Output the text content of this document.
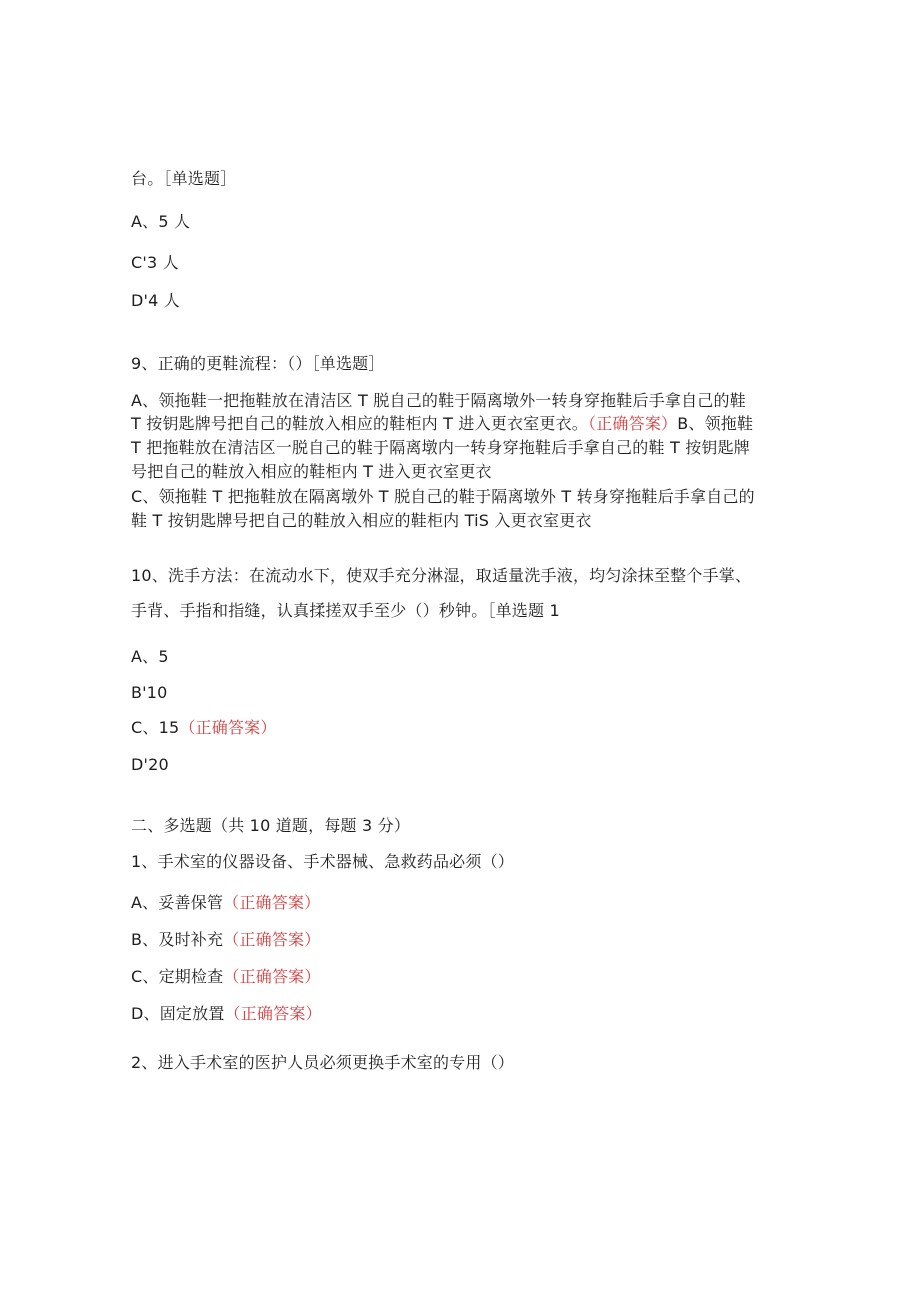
台。［单选题］
A、5 人
C'3 人
D'4 人
9、正确的更鞋流程：（）［单选题］
A、领拖鞋一把拖鞋放在清洁区 T 脱自己的鞋于隔离墩外一转身穿拖鞋后手拿自己的鞋
T 按钥匙牌号把自己的鞋放入相应的鞋柜内 T 进入更衣室更衣。（正确答案）B、领拖鞋
T 把拖鞋放在清洁区一脱自己的鞋于隔离墩内一转身穿拖鞋后手拿自己的鞋 T 按钥匙牌
号把自己的鞋放入相应的鞋柜内 T 进入更衣室更衣
C、领拖鞋 T 把拖鞋放在隔离墩外 T 脱自己的鞋于隔离墩外 T 转身穿拖鞋后手拿自己的
鞋 T 按钥匙牌号把自己的鞋放入相应的鞋柜内 TiS 入更衣室更衣
10、洗手方法：在流动水下，使双手充分淋湿，取适量洗手液，均匀涂抹至整个手掌、
手背、手指和指缝，认真揉搓双手至少（）秒钟。［单选题 1
A、5
B'10
C、15（正确答案）
D'20
二、多选题（共 10 道题，每题 3 分）
1、手术室的仪器设备、手术器械、急救药品必须（）
A、妥善保管（正确答案）
B、及时补充（正确答案）
C、定期检查（正确答案）
D、固定放置（正确答案）
2、进入手术室的医护人员必须更换手术室的专用（）
